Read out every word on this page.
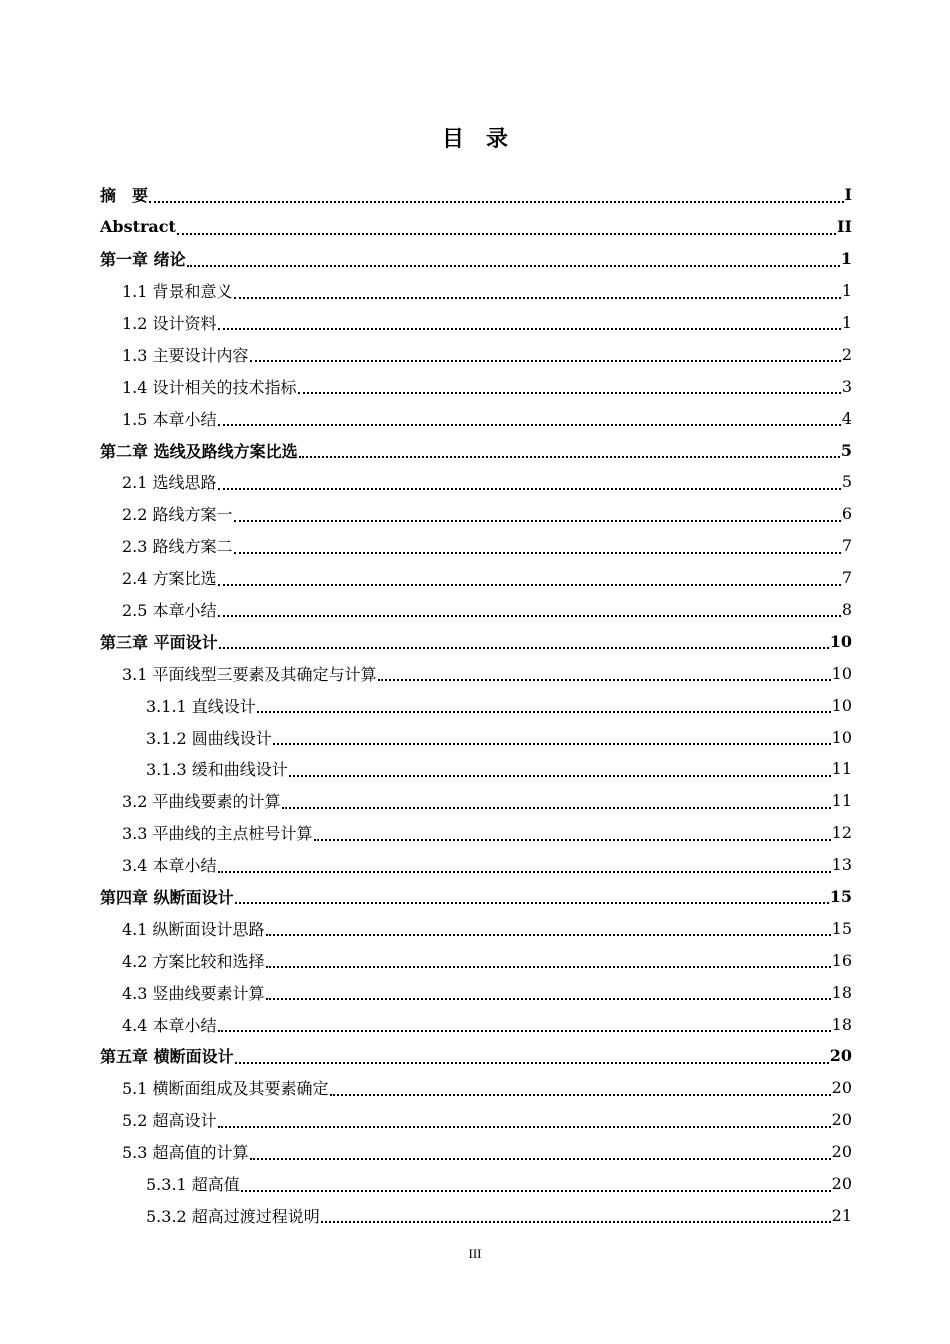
目　录
摘　要	I
Abstract	II
第一章 绪论	1
1.1 背景和意义	1
1.2 设计资料	1
1.3 主要设计内容	2
1.4 设计相关的技术指标	3
1.5 本章小结	4
第二章 选线及路线方案比选	5
2.1 选线思路	5
2.2 路线方案一	6
2.3 路线方案二	7
2.4 方案比选	7
2.5 本章小结	8
第三章 平面设计	10
3.1 平面线型三要素及其确定与计算	10
3.1.1 直线设计	10
3.1.2 圆曲线设计	10
3.1.3 缓和曲线设计	11
3.2 平曲线要素的计算	11
3.3 平曲线的主点桩号计算	12
3.4 本章小结	13
第四章 纵断面设计	15
4.1 纵断面设计思路	15
4.2 方案比较和选择	16
4.3 竖曲线要素计算	18
4.4 本章小结	18
第五章 横断面设计	20
5.1 横断面组成及其要素确定	20
5.2 超高设计	20
5.3 超高值的计算	20
5.3.1 超高值	20
5.3.2 超高过渡过程说明	21
III
